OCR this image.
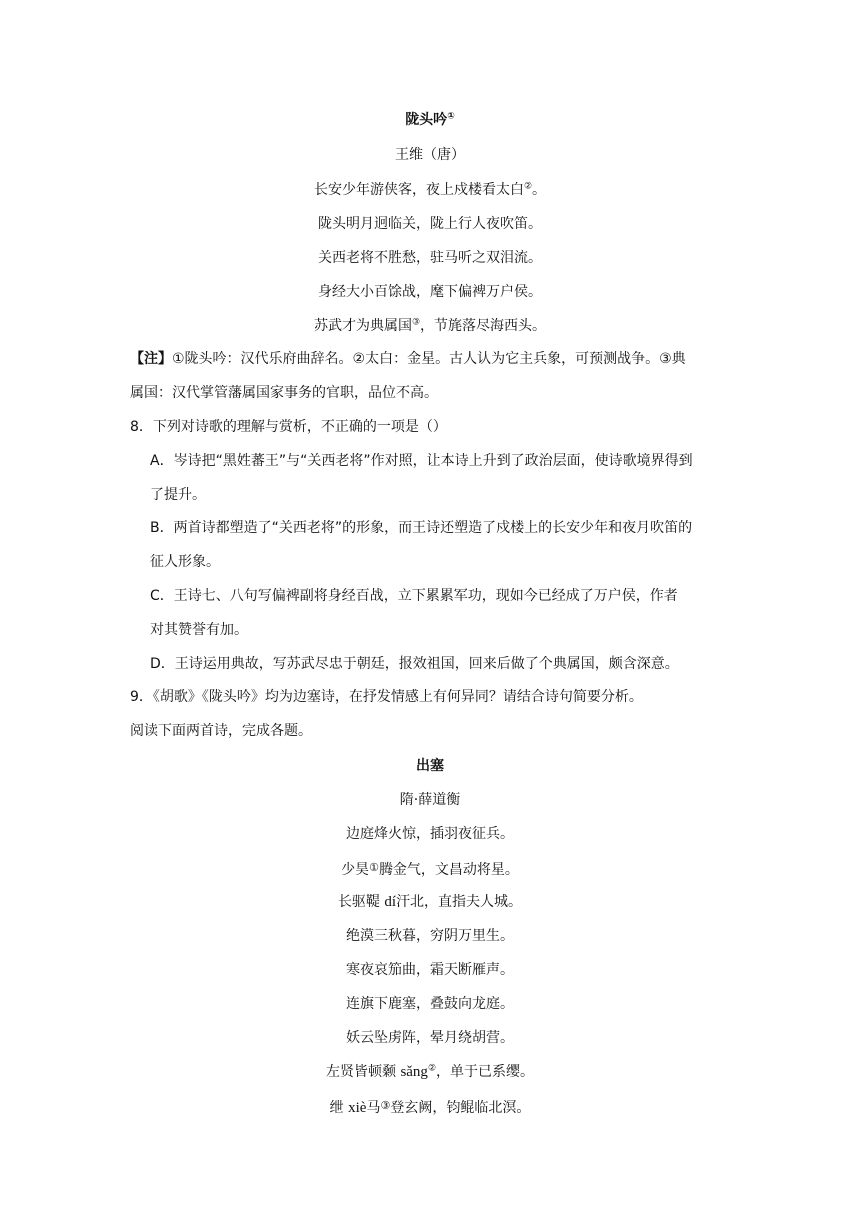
陇头吟①
王维（唐）
长安少年游侠客，夜上戍楼看太白②。
陇头明月迥临关，陇上行人夜吹笛。
关西老将不胜愁，驻马听之双泪流。
身经大小百馀战，麾下偏裨万户侯。
苏武才为典属国③，节旄落尽海西头。
【注】①陇头吟：汉代乐府曲辞名。②太白：金星。古人认为它主兵象，可预测战争。③典
属国：汉代掌管藩属国家事务的官职，品位不高。
8．下列对诗歌的理解与赏析，不正确的一项是（）
A．岑诗把“黑姓蕃王”与“关西老将”作对照，让本诗上升到了政治层面，使诗歌境界得到
了提升。
B．两首诗都塑造了“关西老将”的形象，而王诗还塑造了戍楼上的长安少年和夜月吹笛的
征人形象。
C．王诗七、八句写偏裨副将身经百战，立下累累军功，现如今已经成了万户侯，作者
对其赞誉有加。
D．王诗运用典故，写苏武尽忠于朝廷，报效祖国，回来后做了个典属国，颇含深意。
9．《胡歌》《陇头吟》均为边塞诗，在抒发情感上有何异同？请结合诗句简要分析。
阅读下面两首诗，完成各题。
出塞
隋·薛道衡
边庭烽火惊，插羽夜征兵。
少昊①腾金气，文昌动将星。
长驱鞮 dí汗北，直指夫人城。
绝漠三秋暮，穷阴万里生。
寒夜哀笳曲，霜天断雁声。
连旗下鹿塞，叠鼓向龙庭。
妖云坠虏阵，晕月绕胡营。
左贤皆顿颡 sǎng②，单于已系缨。
绁 xiè马③登玄阙，钧鲲临北溟。
